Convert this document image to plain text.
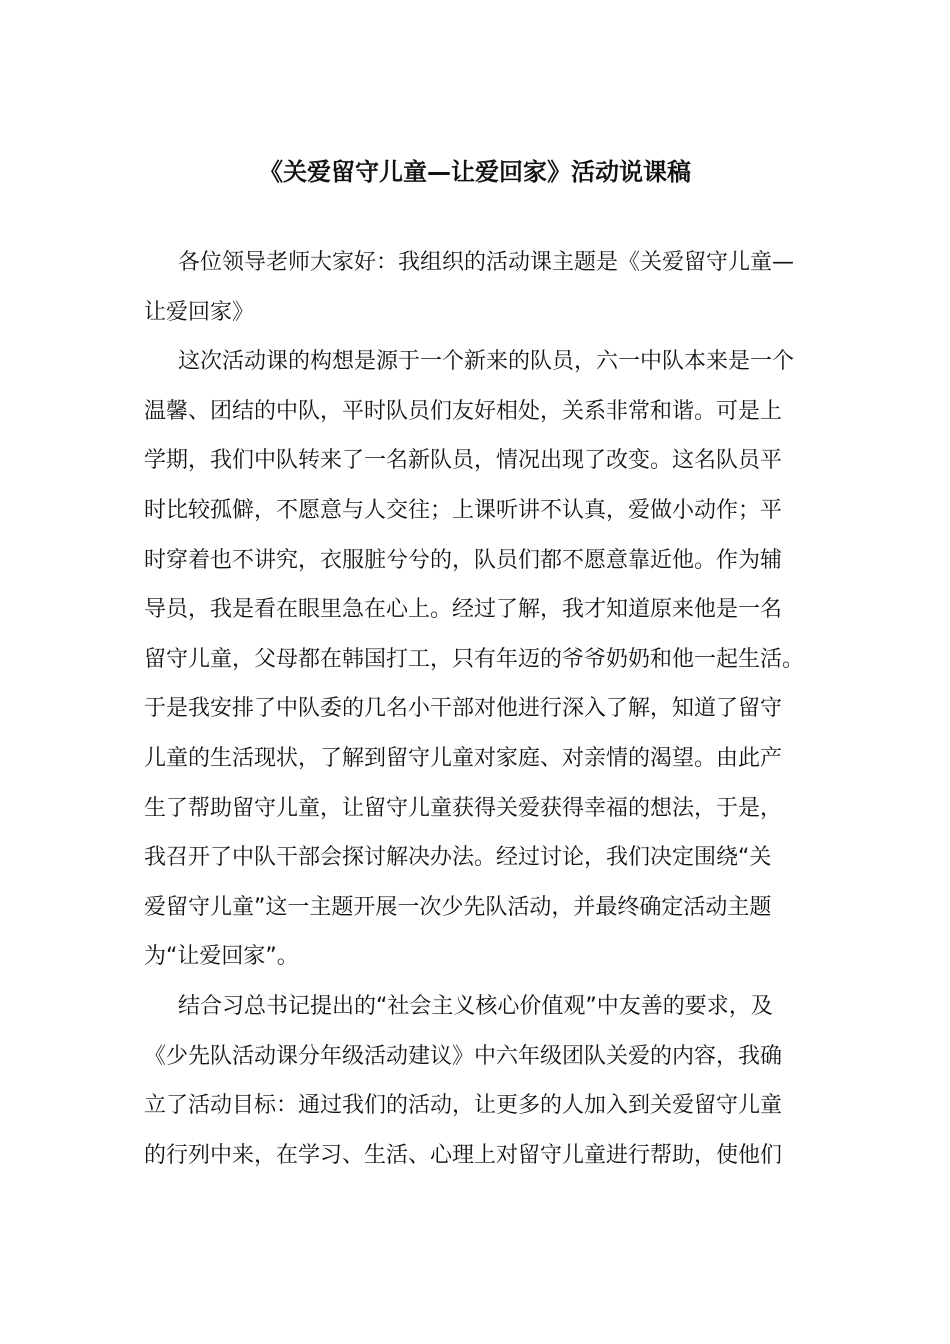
《关爱留守儿童—让爱回家》活动说课稿
各位领导老师大家好：我组织的活动课主题是《关爱留守儿童—
让爱回家》
这次活动课的构想是源于一个新来的队员，六一中队本来是一个
温馨、团结的中队，平时队员们友好相处，关系非常和谐。可是上
学期，我们中队转来了一名新队员，情况出现了改变。这名队员平
时比较孤僻，不愿意与人交往；上课听讲不认真，爱做小动作；平
时穿着也不讲究，衣服脏兮兮的，队员们都不愿意靠近他。作为辅
导员，我是看在眼里急在心上。经过了解，我才知道原来他是一名
留守儿童，父母都在韩国打工，只有年迈的爷爷奶奶和他一起生活。
于是我安排了中队委的几名小干部对他进行深入了解，知道了留守
儿童的生活现状，了解到留守儿童对家庭、对亲情的渴望。由此产
生了帮助留守儿童，让留守儿童获得关爱获得幸福的想法，于是，
我召开了中队干部会探讨解决办法。经过讨论，我们决定围绕“关
爱留守儿童”这一主题开展一次少先队活动，并最终确定活动主题
为“让爱回家”。
结合习总书记提出的“社会主义核心价值观”中友善的要求，及
《少先队活动课分年级活动建议》中六年级团队关爱的内容，我确
立了活动目标：通过我们的活动，让更多的人加入到关爱留守儿童
的行列中来，在学习、生活、心理上对留守儿童进行帮助，使他们
